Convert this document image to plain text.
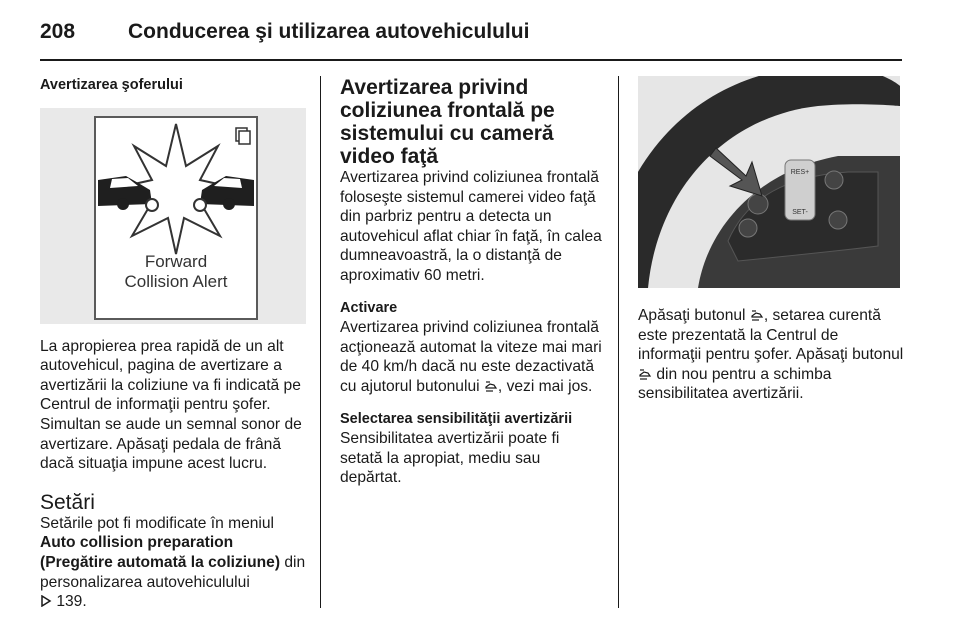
208	Conducerea şi utilizarea autovehiculului

Avertizarea şoferului

Forward
Collision Alert

La apropierea prea rapidă de un alt autovehicul, pagina de avertizare a avertizării la coliziune va fi indicată pe Centrul de informaţii pentru şofer. Simultan se aude un semnal sonor de avertizare. Apăsaţi pedala de frână dacă situaţia impune acest lucru.

Setări

Setările pot fi modificate în meniul Auto collision preparation (Pregătire automată la coliziune) din personalizarea autovehiculului
139.

Avertizarea privind coliziunea frontală pe sistemului cu cameră video faţă

Avertizarea privind coliziunea frontală foloseşte sistemul camerei video faţă din parbriz pentru a detecta un autovehicul aflat chiar în faţă, în calea dumneavoastră, la o distanţă de aproximativ 60 metri.

Activare

Avertizarea privind coliziunea frontală acţionează automat la viteze mai mari de 40 km/h dacă nu este dezactivată cu ajutorul butonului , vezi mai jos.

Selectarea sensibilităţii avertizării

Sensibilitatea avertizării poate fi setată la apropiat, mediu sau depărtat.

RES+
SET-

Apăsaţi butonul , setarea curentă este prezentată la Centrul de informaţii pentru şofer. Apăsaţi butonul  din nou pentru a schimba sensibilitatea avertizării.
